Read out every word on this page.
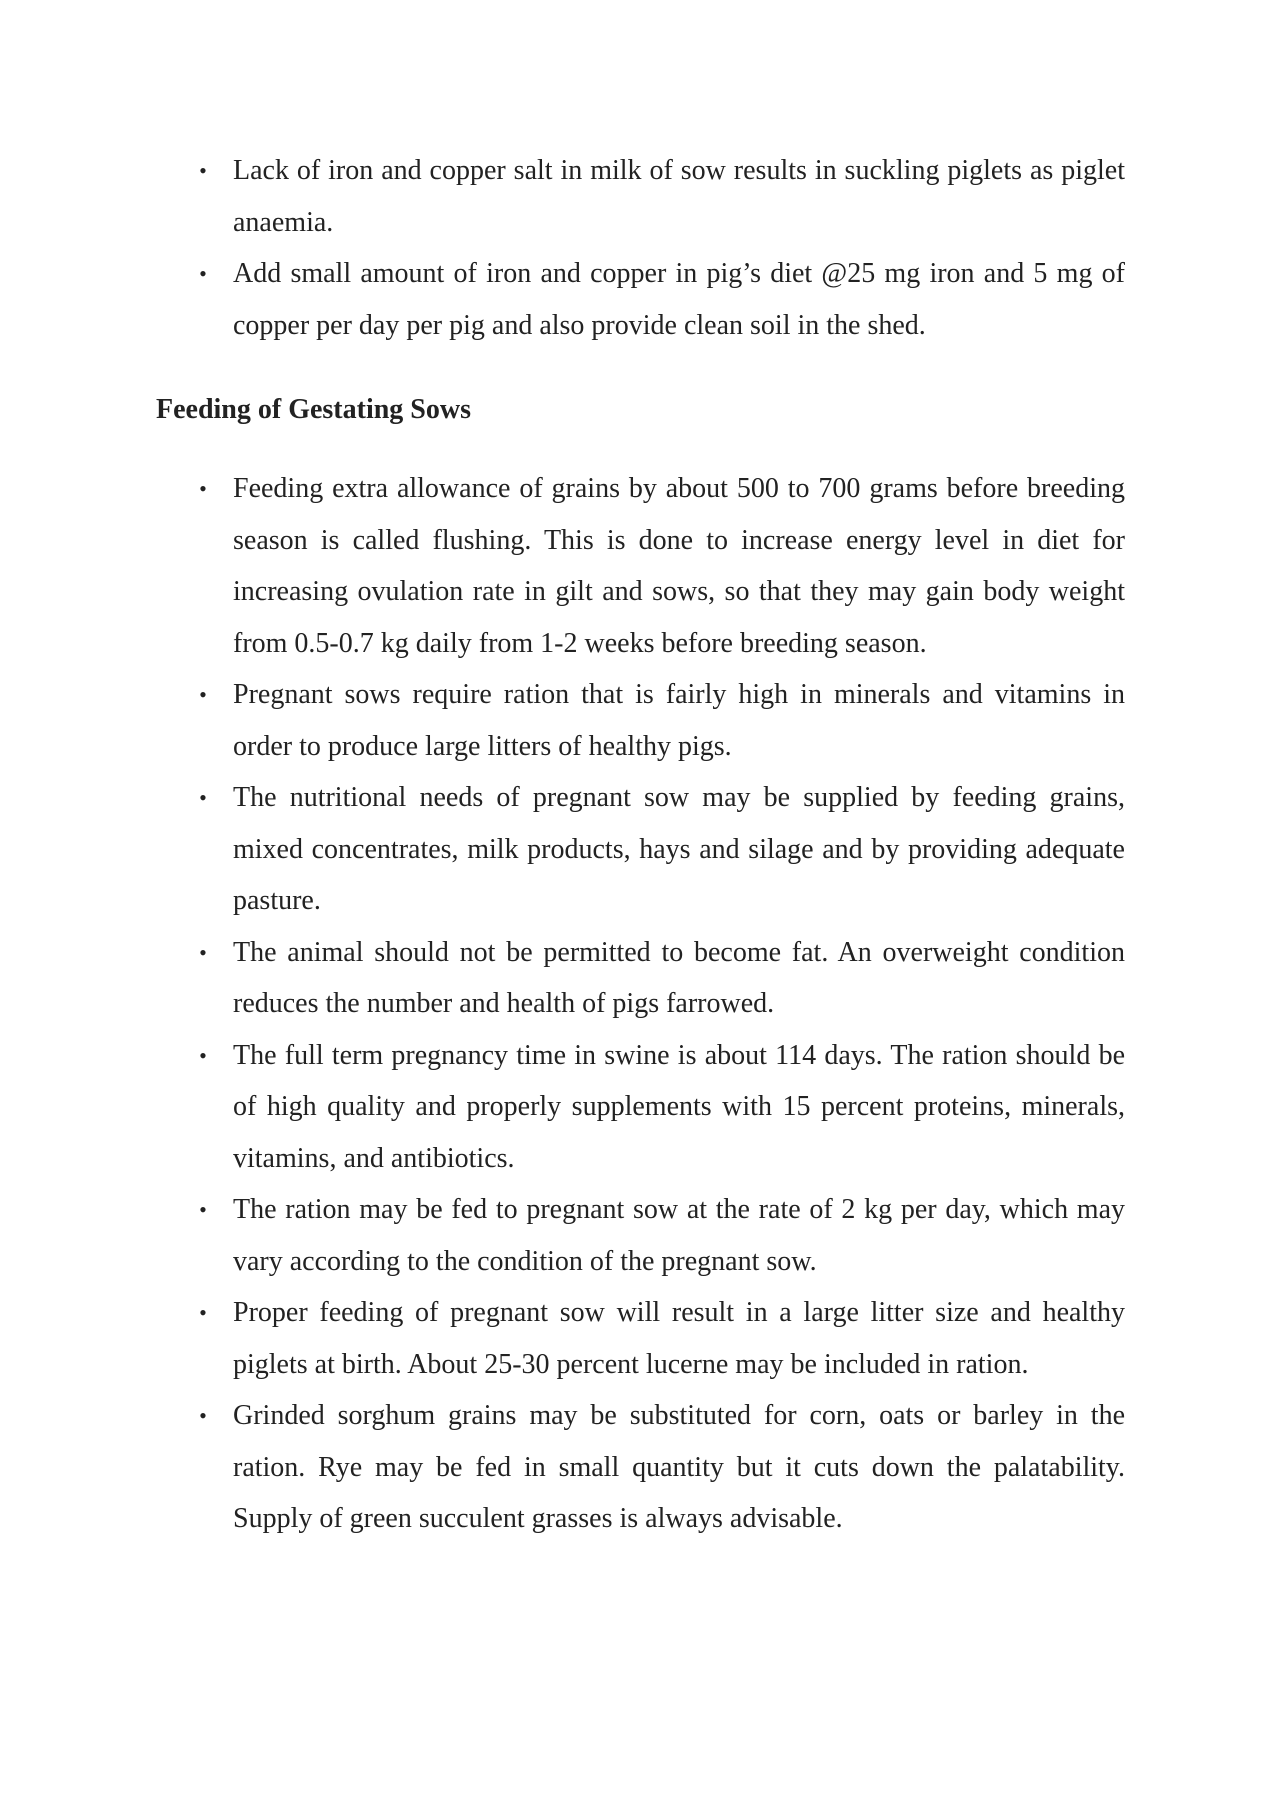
• Lack of iron and copper salt in milk of sow results in suckling piglets as piglet anaemia.
• Add small amount of iron and copper in pig’s diet @25 mg iron and 5 mg of copper per day per pig and also provide clean soil in the shed.
Feeding of Gestating Sows
• Feeding extra allowance of grains by about 500 to 700 grams before breeding season is called flushing. This is done to increase energy level in diet for increasing ovulation rate in gilt and sows, so that they may gain body weight from 0.5-0.7 kg daily from 1-2 weeks before breeding season.
• Pregnant sows require ration that is fairly high in minerals and vitamins in order to produce large litters of healthy pigs.
• The nutritional needs of pregnant sow may be supplied by feeding grains, mixed concentrates, milk products, hays and silage and by providing adequate pasture.
• The animal should not be permitted to become fat. An overweight condition reduces the number and health of pigs farrowed.
• The full term pregnancy time in swine is about 114 days. The ration should be of high quality and properly supplements with 15 percent proteins, minerals, vitamins, and antibiotics.
• The ration may be fed to pregnant sow at the rate of 2 kg per day, which may vary according to the condition of the pregnant sow.
• Proper feeding of pregnant sow will result in a large litter size and healthy piglets at birth. About 25-30 percent lucerne may be included in ration.
• Grinded sorghum grains may be substituted for corn, oats or barley in the ration. Rye may be fed in small quantity but it cuts down the palatability. Supply of green succulent grasses is always advisable.
